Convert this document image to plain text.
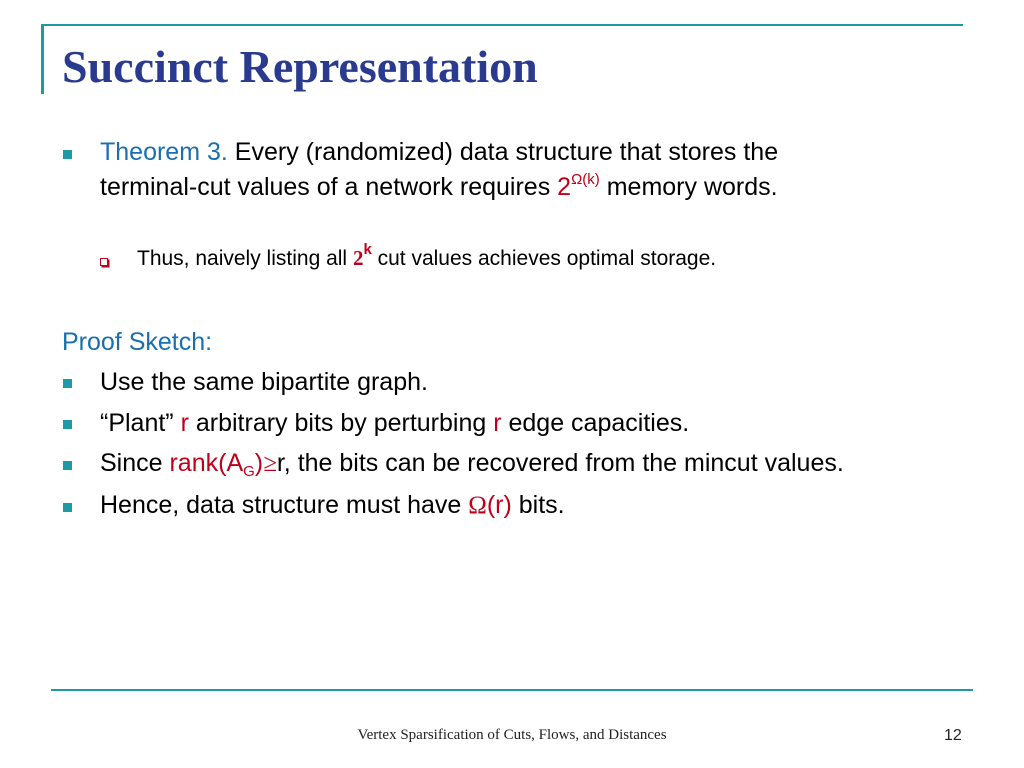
Succinct Representation
Theorem 3. Every (randomized) data structure that stores the
terminal-cut values of a network requires $2^{\Omega(k)}$ memory words.
Thus, naively listing all 2$^k$ cut values achieves optimal storage.
Proof Sketch:
Use the same bipartite graph.
“Plant” r arbitrary bits by perturbing r edge capacities.
Since $rank(A_G)\ge r$, the bits can be recovered from the mincut values.
Hence, data structure must have Ω(r) bits.
Vertex Sparsification of Cuts, Flows, and Distances	12
